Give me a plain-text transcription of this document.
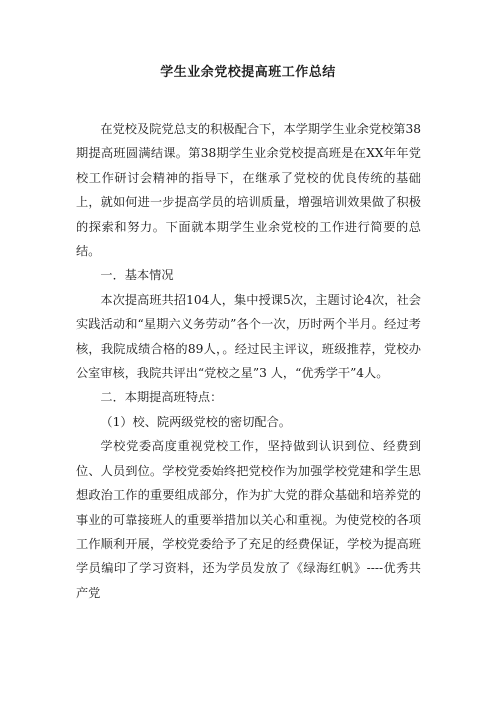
学生业余党校提高班工作总结

在党校及院党总支的积极配合下，本学期学生业余党校第38期提高班圆满结课。第38期学生业余党校提高班是在XX年年党校工作研讨会精神的指导下，在继承了党校的优良传统的基础上，就如何进一步提高学员的培训质量，增强培训效果做了积极的探索和努力。下面就本期学生业余党校的工作进行简要的总结。

一．基本情况

本次提高班共招104人，集中授课5次，主题讨论4次，社会实践活动和“星期六义务劳动”各个一次，历时两个半月。经过考核，我院成绩合格的89人，。经过民主评议，班级推荐，党校办公室审核，我院共评出“党校之星”3 人，“优秀学干”4人。

二．本期提高班特点：

（1）校、院两级党校的密切配合。

学校党委高度重视党校工作，坚持做到认识到位、经费到位、人员到位。学校党委始终把党校作为加强学校党建和学生思想政治工作的重要组成部分，作为扩大党的群众基础和培养党的事业的可靠接班人的重要举措加以关心和重视。为使党校的各项工作顺利开展，学校党委给予了充足的经费保证，学校为提高班学员编印了学习资料，还为学员发放了《绿海红帆》----优秀共产党
